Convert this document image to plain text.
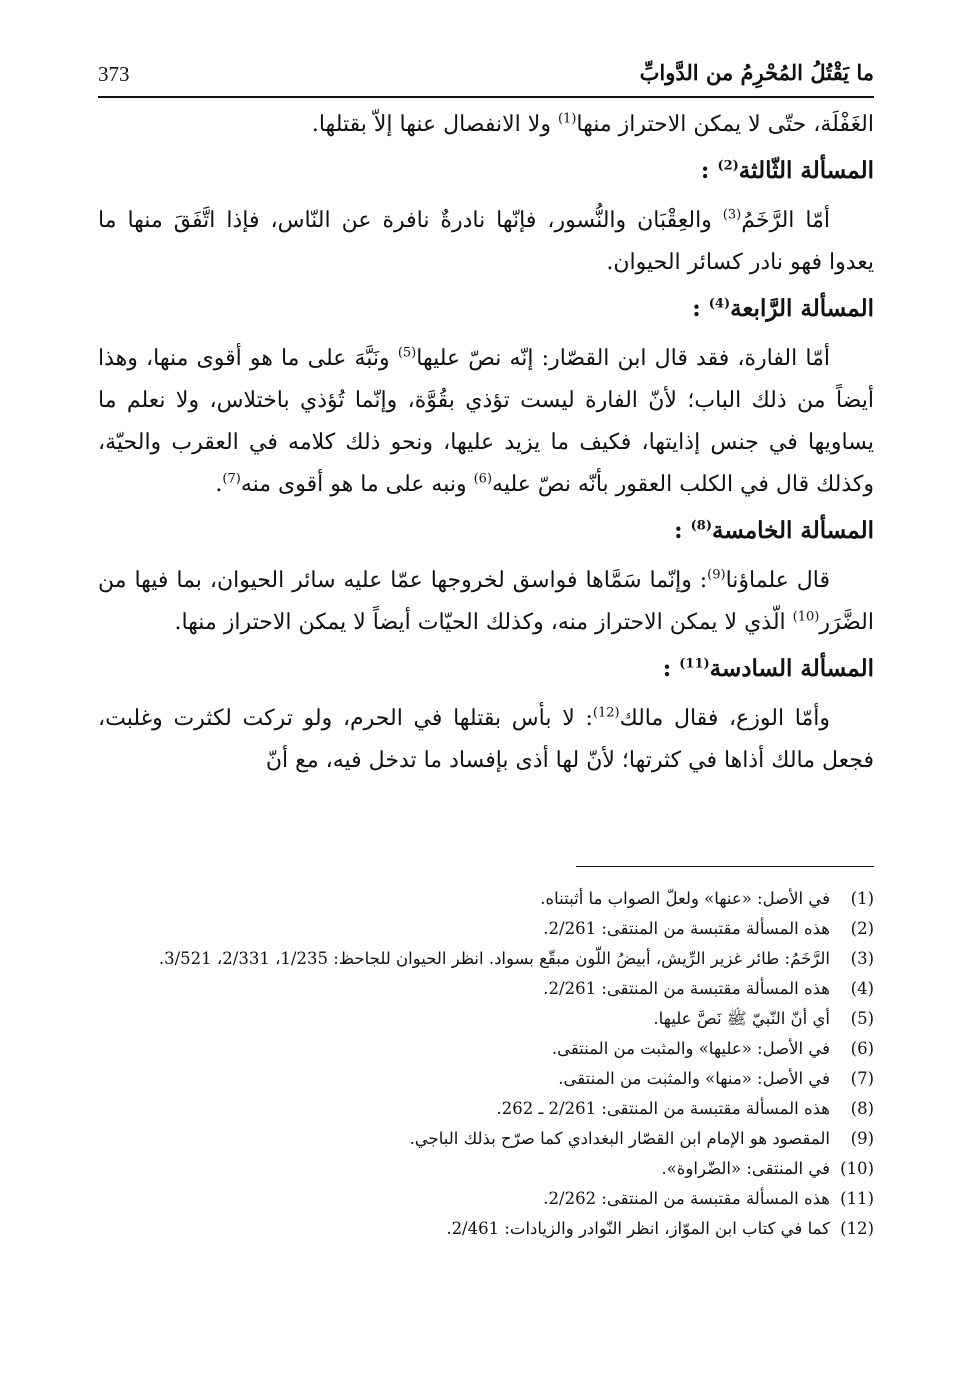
ما يَقْتُلُ المُحْرِمُ من الدَّوابِّ
373

الغَفْلَة، حتّى لا يمكن الاحتراز منها$^{(1)}$ ولا الانفصال عنها إلاّ بقتلها.

المسألة الثّالثة$^{(2)}$ :

أمّا الرَّخَمُ$^{(3)}$ والعِقْبَان والنُّسور، فإنّها نادرةٌ نافرة عن النّاس، فإذا اتَّفَقَ منها ما يعدوا فهو نادر كسائر الحيوان.

المسألة الرَّابعة$^{(4)}$ :

أمّا الفارة، فقد قال ابن القصّار: إنّه نصّ عليها$^{(5)}$ ونَبَّهَ على ما هو أقوى منها، وهذا أيضاً من ذلك الباب؛ لأنّ الفارة ليست تؤذي بقُوَّة، وإنّما تُؤذي باختلاس، ولا نعلم ما يساويها في جنس إذايتها، فكيف ما يزيد عليها، ونحو ذلك كلامه في العقرب والحيّة، وكذلك قال في الكلب العقور بأنّه نصّ عليه$^{(6)}$ ونبه على ما هو أقوى منه$^{(7)}$.

المسألة الخامسة$^{(8)}$ :

قال علماؤنا$^{(9)}$: وإنّما سَمَّاها فواسق لخروجها عمّا عليه سائر الحيوان، بما فيها من الضَّرَر$^{(10)}$ الّذي لا يمكن الاحتراز منه، وكذلك الحيّات أيضاً لا يمكن الاحتراز منها.

المسألة السادسة$^{(11)}$ :

وأمّا الوزع، فقال مالك$^{(12)}$: لا بأس بقتلها في الحرم، ولو تركت لكثرت وغلبت، فجعل مالك أذاها في كثرتها؛ لأنّ لها أذى بإفساد ما تدخل فيه، مع أنّ

(1)
في الأصل: «عنها» ولعلّ الصواب ما أثبتناه.
(2)
هذه المسألة مقتبسة من المنتقى: 2/261.
(3)
الرَّخَمُ: طائر غزير الرِّيش، أبيضُ اللّون مبقّع بسواد. انظر الحيوان للجاحظ: 1/235، 2/331، 3/521.
(4)
هذه المسألة مقتبسة من المنتقى: 2/261.
(5)
أي أنّ النّبيّ ﷺ نَصَّ عليها.
(6)
في الأصل: «عليها» والمثبت من المنتقى.
(7)
في الأصل: «منها» والمثبت من المنتقى.
(8)
هذه المسألة مقتبسة من المنتقى: 2/261 ـ 262.
(9)
المقصود هو الإمام ابن القصّار البغدادي كما صرّح بذلك الباجي.
(10)
في المنتقى: «الضّراوة».
(11)
هذه المسألة مقتبسة من المنتقى: 2/262.
(12)
كما في كتاب ابن الموّاز، انظر النّوادر والزيادات: 2/461.
